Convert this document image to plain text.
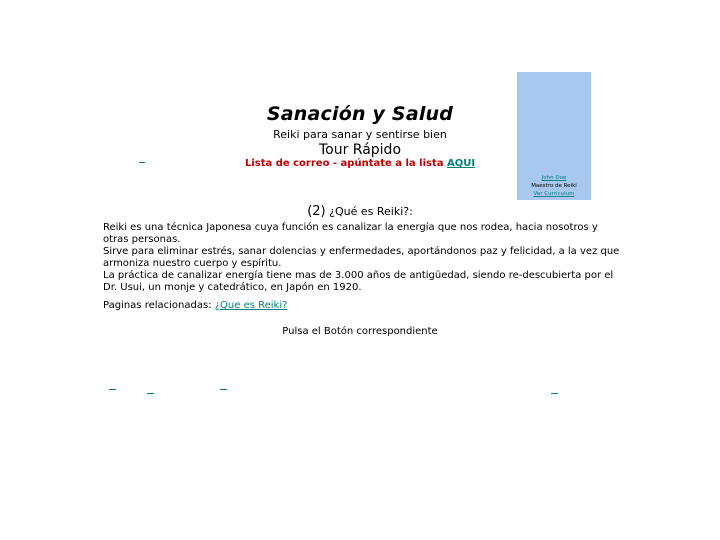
Sanación y Salud
Reiki para sanar y sentirse bien
Tour Rápido
Lista de correo - apúntate a la lista AQUI
John Doe
Maestro de Reiki
Ver Curriculum
(2) ¿Qué es Reiki?:

Reiki es una técnica Japonesa cuya función es canalizar la energía que nos rodea, hacia nosotros y otras personas.

Sirve para eliminar estrés, sanar dolencias y enfermedades, aportándonos paz y felicidad, a la vez que armoniza nuestro cuerpo y espíritu.

La práctica de canalizar energía tiene mas de 3.000 años de antigüedad, siendo re-descubierta por el Dr. Usui, un monje y catedrático, en Japón en 1920.

Paginas relacionadas: ¿Que es Reiki?
Pulsa el Botón correspondiente
